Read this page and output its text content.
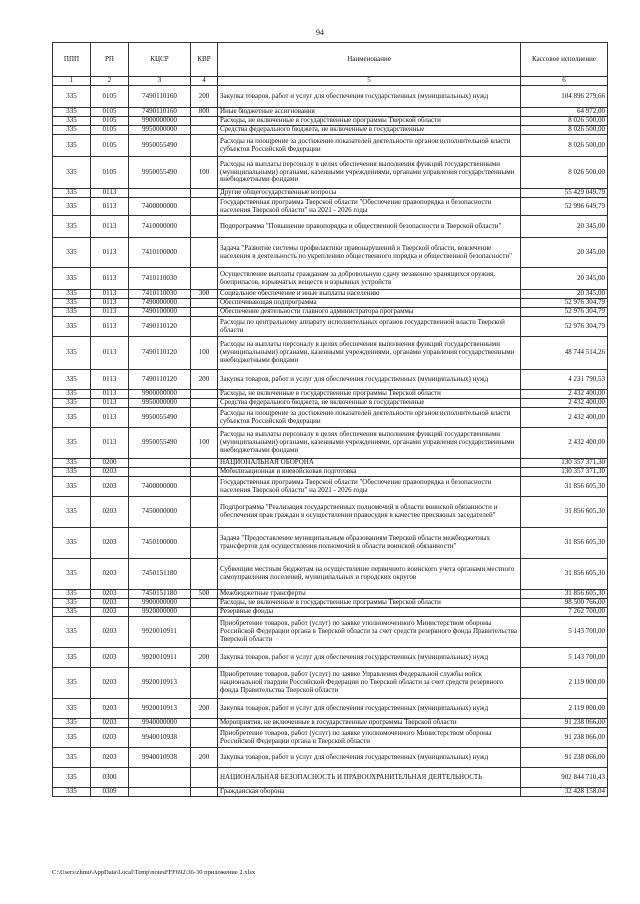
94
ППП	РП	КЦСР	КВР	Наименование	Кассовое исполнение
1	2	3	4	5	6
335	0105	7490110160	200	Закупка товаров, работ и услуг для обеспечения государственных (муниципальных) нужд	104 896 279,66
335	0105	7490110160	800	Иные бюджетные ассигнования	64 972,00
335	0105	9900000000		Расходы, не включенные в государственные программы Тверской области	8 026 500,00
335	0105	9950000000		Средства федерального бюджета, не включенные в государственные	8 026 500,00
335	0105	9950055490		Расходы на поощрение за достижение показателей деятельности органов исполнительной власти субъектов Российской Федерации	8 026 500,00
335	0105	9950055490	100	Расходы на выплаты персоналу в целях обеспечения выполнения функций государственными (муниципальными) органами, казенными учреждениями, органами управления государственными внебюджетными фондами	8 026 500,00
335	0113			Другие общегосударственные вопросы	55 429 049,79
335	0113	7400000000		Государственная программа Тверской области "Обеспечение правопорядка и безопасности населения Тверской области" на 2021 - 2026 годы	52 996 649,79
335	0113	7410000000		Подпрограмма "Повышение правопорядка и общественной безопасности в Тверской области"	20 345,00
335	0113	7410100000		Задача "Развитие системы профилактики правонарушений в Тверской области, вовлечение населения в деятельность по укреплению общественного порядка и общественной безопасности"	20 345,00
335	0113	7410110030		Осуществление выплаты гражданам за добровольную сдачу незаконно хранящихся оружия, боеприпасов, взрывчатых веществ и взрывных устройств	20 345,00
335	0113	7410110030	300	Социальное обеспечение и иные выплаты населению	20 345,00
335	0113	7490000000		Обеспечивающая подпрограмма	52 976 304,79
335	0113	7490100000		Обеспечение деятельности главного администратора программы	52 976 304,79
335	0113	7490110120		Расходы по центральному аппарату исполнительных органов государственной власти Тверской области	52 976 304,79
335	0113	7490110120	100	Расходы на выплаты персоналу в целях обеспечения выполнения функций государственными (муниципальными) органами, казенными учреждениями, органами управления государственными внебюджетными фондами	48 744 514,26
335	0113	7490110120	200	Закупка товаров, работ и услуг для обеспечения государственных (муниципальных) нужд	4 231 790,53
335	0113	9900000000		Расходы, не включенные в государственные программы Тверской области	2 432 400,00
335	0113	9950000000		Средства федерального бюджета, не включенные в государственные	2 432 400,00
335	0113	9950055490		Расходы на поощрение за достижение показателей деятельности органов исполнительной власти субъектов Российской Федерации	2 432 400,00
335	0113	9950055490	100	Расходы на выплаты персоналу в целях обеспечения выполнения функций государственными (муниципальными) органами, казенными учреждениями, органами управления государственными внебюджетными фондами	2 432 400,00
335	0200			НАЦИОНАЛЬНАЯ ОБОРОНА	130 357 371,30
335	0203			Мобилизационная и вневойсковая подготовка	130 357 371,30
335	0203	7400000000		Государственная программа Тверской области "Обеспечение правопорядка и безопасности населения Тверской области" на 2021 - 2026 годы	31 856 605,30
335	0203	7450000000		Подпрограмма "Реализация государственных полномочий в области воинской обязанности и обеспечения прав граждан в осуществлении правосудия в качестве присяжных заседателей"	31 856 605,30
335	0203	7450100000		Задача "Предоставление муниципальным образованиям Тверской области межбюджетных трансфертов для осуществления полномочий в области воинской обязанности"	31 856 605,30
335	0203	7450151180		Субвенции местным бюджетам на осуществление первичного воинского учета органами местного самоуправления поселений, муниципальных и городских округов	31 856 605,30
335	0203	7450151180	500	Межбюджетные трансферты	31 856 605,30
335	0203	9900000000		Расходы, не включенные в государственные программы Тверской области	98 500 766,00
335	0203	9920000000		Резервные фонды	7 262 700,00
335	0203	9920010911		Приобретение товаров, работ (услуг) по заявке уполномоченного Министерством обороны Российской Федерации органа в Тверской области за счет средств резервного фонда Правительства Тверской области	5 143 700,00
335	0203	9920010911	200	Закупка товаров, работ и услуг для обеспечения государственных (муниципальных) нужд	5 143 700,00
335	0203	9920010913		Приобретение товаров, работ (услуг) по заявке Управления Федеральной службы войск национальной гвардии Российской Федерации по Тверской области за счет средств резервного фонда Правительства Тверской области	2 119 000,00
335	0203	9920010913	200	Закупка товаров, работ и услуг для обеспечения государственных (муниципальных) нужд	2 119 000,00
335	0203	9940000000		Мероприятия, не включенные в государственные программы Тверской области	91 238 066,00
335	0203	9940010938		Приобретение товаров, работ (услуг) по заявке уполномоченного Министерством обороны Российской Федерации органа в Тверской области	91 238 066,00
335	0203	9940010938	200	Закупка товаров, работ и услуг для обеспечения государственных (муниципальных) нужд	91 238 066,00
335	0300			НАЦИОНАЛЬНАЯ БЕЗОПАСНОСТЬ И ПРАВООХРАНИТЕЛЬНАЯ ДЕЯТЕЛЬНОСТЬ	902 844 710,43
335	0309			Гражданская оборона	32 428 158,04
C:\Users\zhmu\AppData\Local\Temp\notesFFF692\36-30 приложение 2.xlsx
